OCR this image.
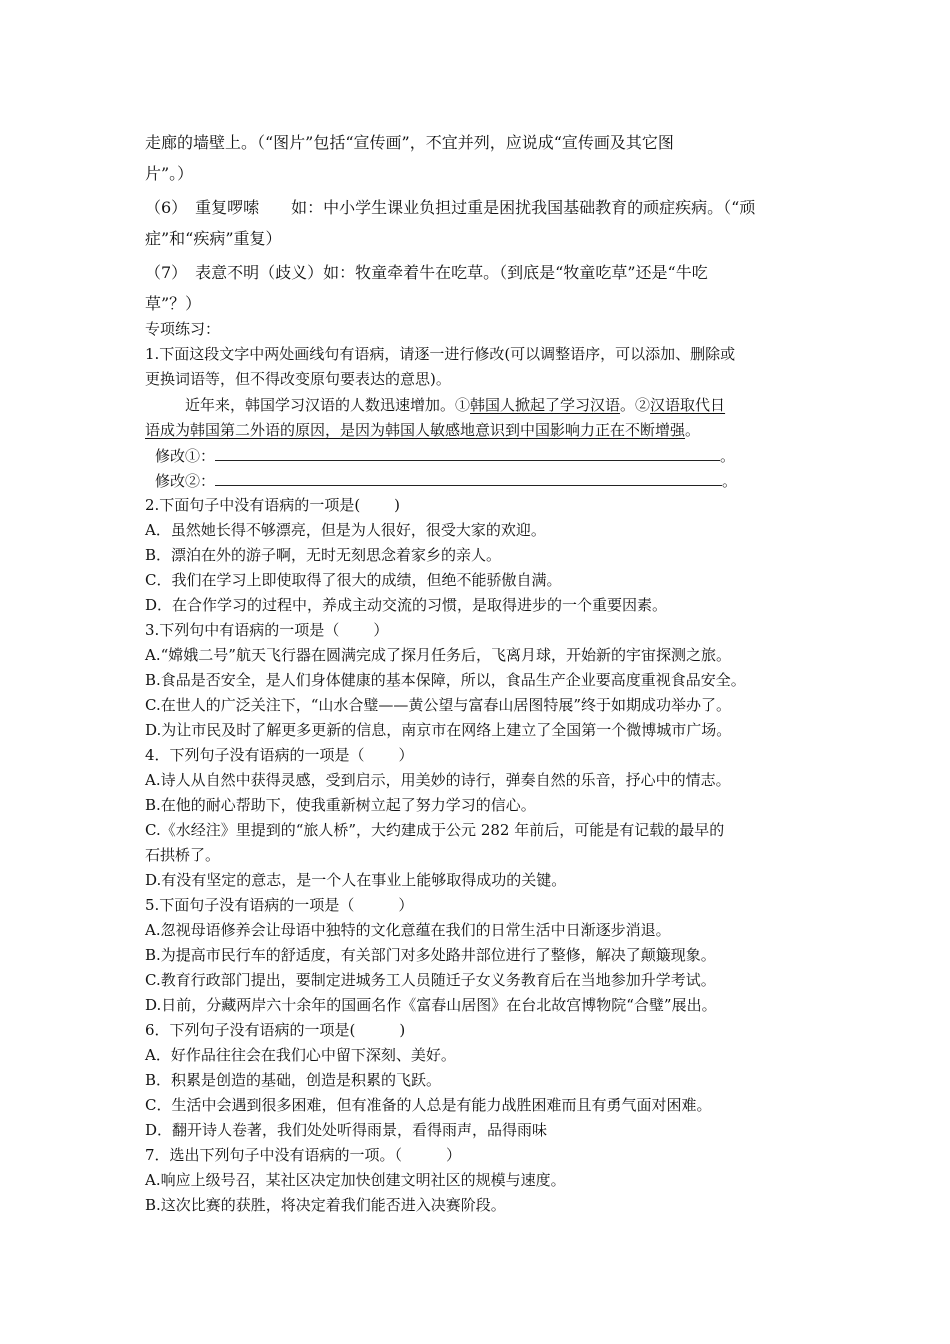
走廊的墙壁上。（“图片”包括“宣传画”，不宜并列，应说成“宣传画及其它图
片”。）
（6）　重复啰嗦　　如：中小学生课业负担过重是困扰我国基础教育的顽症疾病。（“顽
症”和“疾病”重复）
（7）　表意不明（歧义）如：牧童牵着牛在吃草。（到底是“牧童吃草”还是“牛吃
草”？）
专项练习：
1.下面这段文字中两处画线句有语病，请逐一进行修改(可以调整语序，可以添加、删除或
更换词语等，但不得改变原句要表达的意思)。
近年来，韩国学习汉语的人数迅速增加。①韩国人掀起了学习汉语。②汉语取代日
语成为韩国第二外语的原因，是因为韩国人敏感地意识到中国影响力正在不断增强。
修改①：	。
修改②：	。
2.下面句子中没有语病的一项是( )
A．虽然她长得不够漂亮，但是为人很好，很受大家的欢迎。
B．漂泊在外的游子啊，无时无刻思念着家乡的亲人。
C．我们在学习上即使取得了很大的成绩，但绝不能骄傲自满。
D．在合作学习的过程中，养成主动交流的习惯，是取得进步的一个重要因素。
3.下列句中有语病的一项是（ ）
A.“嫦娥二号”航天飞行器在圆满完成了探月任务后，飞离月球，开始新的宇宙探测之旅。
B.食品是否安全，是人们身体健康的基本保障，所以，食品生产企业要高度重视食品安全。
C.在世人的广泛关注下，“山水合璧——黄公望与富春山居图特展”终于如期成功举办了。
D.为让市民及时了解更多更新的信息，南京市在网络上建立了全国第一个微博城市广场。
4．下列句子没有语病的一项是（ ）
A.诗人从自然中获得灵感，受到启示，用美妙的诗行，弹奏自然的乐音，抒心中的情志。
B.在他的耐心帮助下，使我重新树立起了努力学习的信心。
C.《水经注》里提到的“旅人桥”，大约建成于公元 282 年前后，可能是有记载的最早的
石拱桥了。
D.有没有坚定的意志，是一个人在事业上能够取得成功的关键。
5.下面句子没有语病的一项是（	）
A.忽视母语修养会让母语中独特的文化意蕴在我们的日常生活中日渐逐步消退。
B.为提高市民行车的舒适度，有关部门对多处路井部位进行了整修，解决了颠簸现象。
C.教育行政部门提出，要制定进城务工人员随迁子女义务教育后在当地参加升学考试。
D.日前，分藏两岸六十余年的国画名作《富春山居图》在台北故宫博物院“合璧”展出。
6．下列句子没有语病的一项是(	)
A．好作品往往会在我们心中留下深刻、美好。
B．积累是创造的基础，创造是积累的飞跃。
C．生活中会遇到很多困难，但有准备的人总是有能力战胜困难而且有勇气面对困难。
D．翻开诗人卷著，我们处处听得雨景，看得雨声，品得雨味
7．选出下列句子中没有语病的一项。（	）
A.响应上级号召，某社区决定加快创建文明社区的规模与速度。
B.这次比赛的获胜，将决定着我们能否进入决赛阶段。
